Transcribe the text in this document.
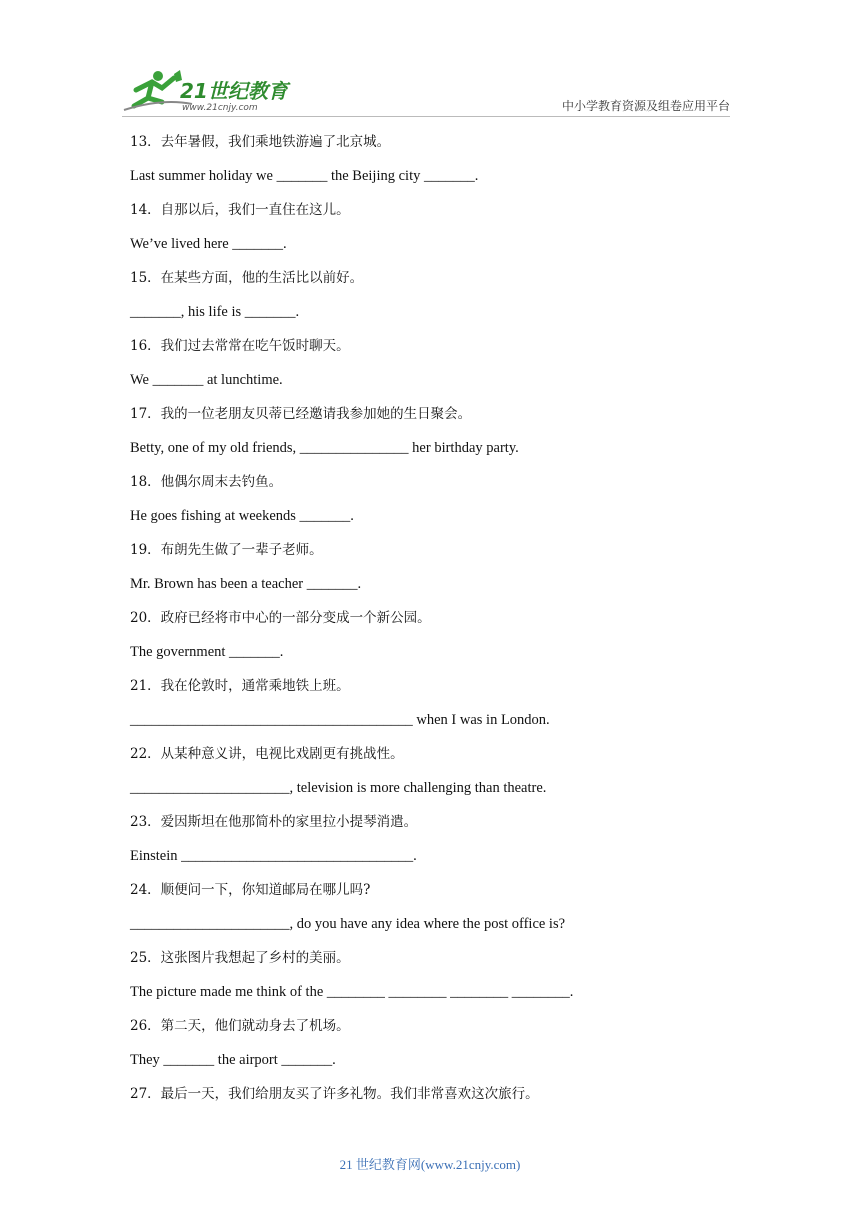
21世纪教育
www.21cnjy.com	中小学教育资源及组卷应用平台
13．去年暑假，我们乘地铁游遍了北京城。
Last summer holiday we _______ the Beijing city _______.
14．自那以后，我们一直住在这儿。
We’ve lived here _______.
15．在某些方面，他的生活比以前好。
_______, his life is _______.
16．我们过去常常在吃午饭时聊天。
We _______ at lunchtime.
17．我的一位老朋友贝蒂已经邀请我参加她的生日聚会。
Betty, one of my old friends, _______________ her birthday party.
18．他偶尔周末去钓鱼。
He goes fishing at weekends _______.
19．布朗先生做了一辈子老师。
Mr. Brown has been a teacher _______.
20．政府已经将市中心的一部分变成一个新公园。
The government _______.
21．我在伦敦时，通常乘地铁上班。
_______________________________________ when I was in London.
22．从某种意义讲，电视比戏剧更有挑战性。
______________________, television is more challenging than theatre.
23．爱因斯坦在他那简朴的家里拉小提琴消遣。
Einstein ________________________________.
24．顺便问一下，你知道邮局在哪儿吗?
______________________, do you have any idea where the post office is?
25．这张图片我想起了乡村的美丽。
The picture made me think of the ________ ________ ________ ________.
26．第二天，他们就动身去了机场。
They _______ the airport _______.
27．最后一天，我们给朋友买了许多礼物。我们非常喜欢这次旅行。
21 世纪教育网(www.21cnjy.com)
